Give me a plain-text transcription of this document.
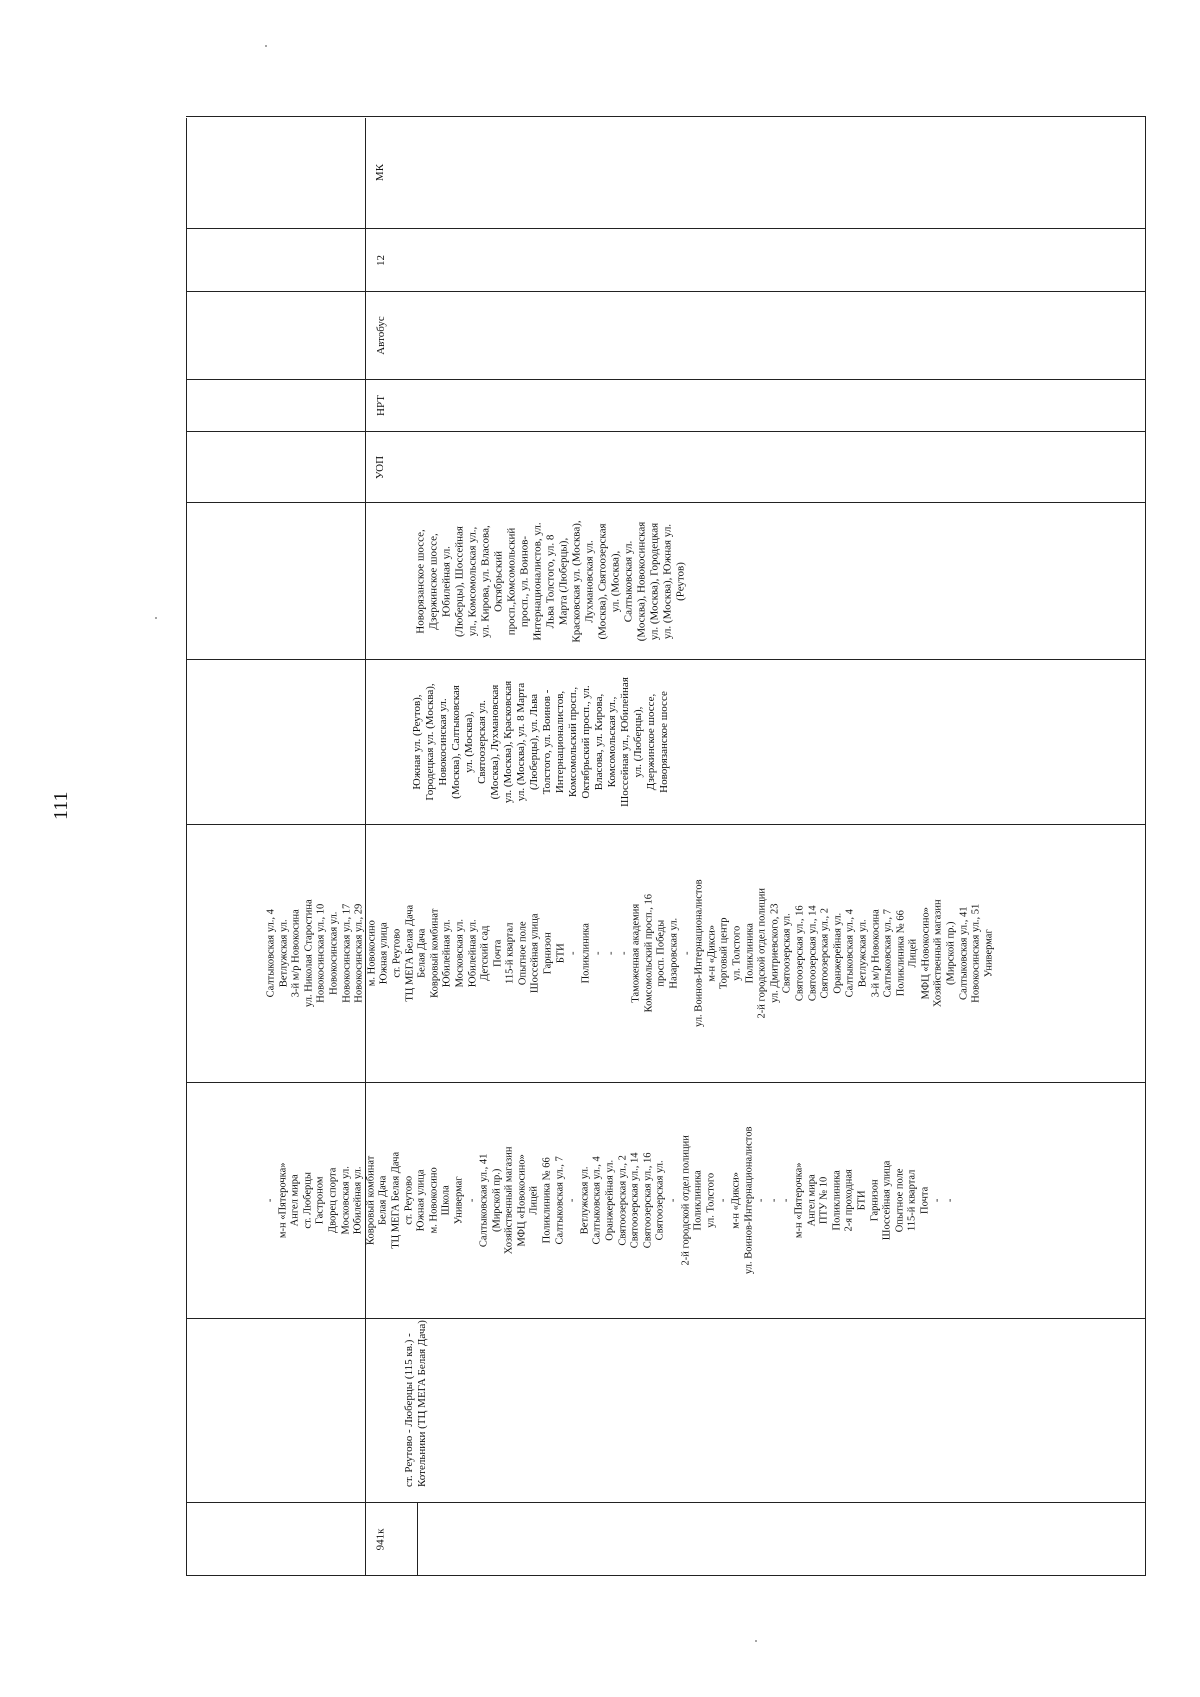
111
МК
12
Автобус
НРТ
УОП
Новорязанское шоссе, Дзержинское шоссе, Юбилейная ул. (Люберцы), Шоссейная ул., Комсомольская ул., ул. Кирова, ул. Власова, Октябрьский просп.,Комсомольский просп., ул. Воинов- Интернационалистов, ул. Льва Толстого, ул. 8 Марта (Люберцы), Красковская ул. (Москва), Лухмановская ул. (Москва), Святоозерская ул. (Москва), Салтыковская ул. (Москва), Новокосинская ул. (Москва), Городецкая ул. (Москва), Южная ул. (Реутов)
Южная ул. (Реутов), Городецкая ул. (Москва), Новокосинская ул. (Москва), Салтыковская ул. (Москва), Святоозерская ул. (Москва), Лухмановская ул. (Москва), Красковская ул. (Москва), ул. 8 Марта (Люберцы), ул. Льва Толстого, ул. Воинов - Интернационалистов, Комсомольский просп., Октябрьский просп., ул. Власова, ул. Кирова, Комсомольская ул., Шоссейная ул., Юбилейная ул. (Люберцы), Дзержинское шоссе, Новорязанское шоссе
Салтыковская ул., 4 Ветлужская ул. 3-й м/р Новокосина ул. Николая Старостина Новокосинская ул., 10 Новокосинская ул. Новокосинская ул., 17 Новокосинская ул., 29 м. Новокосино Южная улица ст. Реутово ТЦ МЕГА Белая Дача Белая Дача Ковровый комбинат Юбилейная ул. Московская ул. Юбилейная ул. Детский сад Почта 115-й квартал Опытное поле Шоссейная улица Гарнизон БТИ - Поликлиника - - - Таможенная академия Комсомольский просп., 16 просп. Победы Назаровская ул. - ул. Воинов-Интернационалистов м-н «Дикси» Торговый центр ул. Толстого Поликлиника 2-й городской отдел полиции ул. Дмитриевского, 23 Святоозерская ул. Святоозерская ул., 16 Святоозерская ул., 14 Святоозерская ул., 2 Оранжерейная ул. Салтыковская ул., 4 Ветлужская ул. 3-й м/р Новокосина Салтыковская ул., 7 Поликлиника № 66 Лицей МФЦ «Новокосино» Хозяйственный магазин (Мирской пр.) Салтыковская ул., 41 Новокосинская ул., 51 Универмаг
- м-н «Пятерочка» Ангел мира ст. Люберцы Гастроном Дворец спорта Московская ул. Юбилейная ул. Ковровый комбинат Белая Дача ТЦ МЕГА Белая Дача ст. Реутово Южная улица м. Новокосино Школа Универмаг - Салтыковская ул., 41 (Мирской пр.) Хозяйственный магазин МФЦ «Новокосино» Лицей Поликлиника № 66 Салтыковская ул., 7 - Ветлужская ул. Салтыковская ул., 4 Оранжерейная ул. Святоозерская ул., 2 Святоозерская ул., 14 Святоозерская ул., 16 Святоозерская ул. - 2-й городской отдел полиции Поликлиника ул. Толстого - м-н «Дикси» ул. Воинов-Интернационалистов - - - м-н «Пятерочка» Ангел мира ПТУ № 10 Поликлиника 2-я проходная БТИ Гарнизон Шоссейная улица Опытное поле 115-й квартал Почта - -
ст. Реутово - Люберцы (115 кв.) - Котельники (ТЦ МЕГА Белая Дача)
941к
